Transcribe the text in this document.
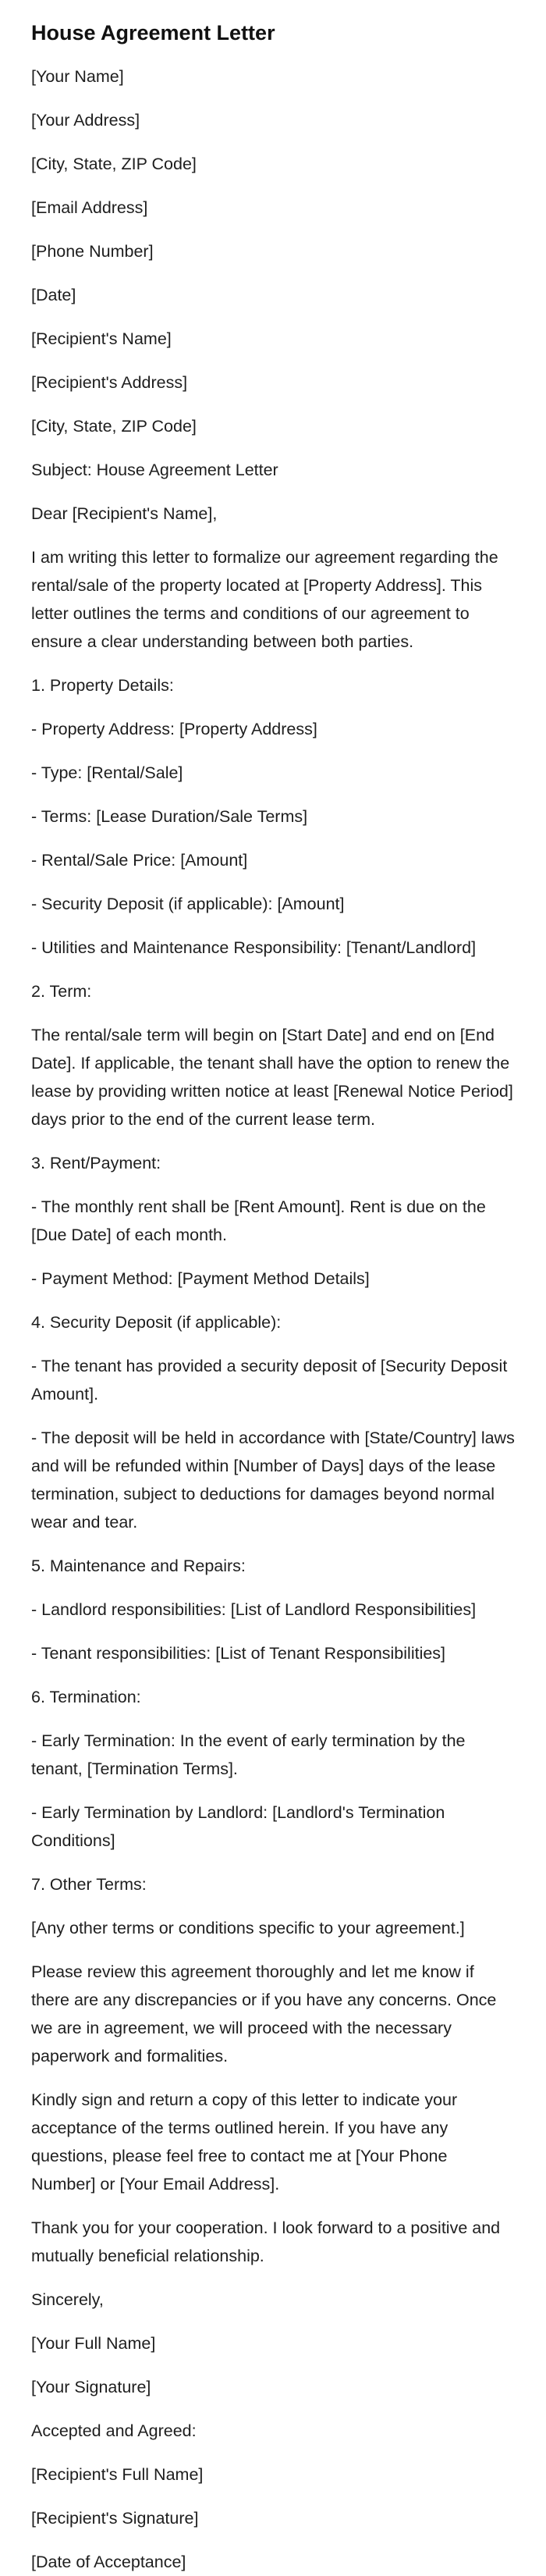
House Agreement Letter

[Your Name]

[Your Address]

[City, State, ZIP Code]

[Email Address]

[Phone Number]

[Date]

[Recipient's Name]

[Recipient's Address]

[City, State, ZIP Code]

Subject: House Agreement Letter

Dear [Recipient's Name],

I am writing this letter to formalize our agreement regarding the rental/sale of the property located at [Property Address]. This letter outlines the terms and conditions of our agreement to ensure a clear understanding between both parties.

1. Property Details:

- Property Address: [Property Address]

- Type: [Rental/Sale]

- Terms: [Lease Duration/Sale Terms]

- Rental/Sale Price: [Amount]

- Security Deposit (if applicable): [Amount]

- Utilities and Maintenance Responsibility: [Tenant/Landlord]

2. Term:

The rental/sale term will begin on [Start Date] and end on [End Date]. If applicable, the tenant shall have the option to renew the lease by providing written notice at least [Renewal Notice Period] days prior to the end of the current lease term.

3. Rent/Payment:

- The monthly rent shall be [Rent Amount]. Rent is due on the [Due Date] of each month.

- Payment Method: [Payment Method Details]

4. Security Deposit (if applicable):

- The tenant has provided a security deposit of [Security Deposit Amount].

- The deposit will be held in accordance with [State/Country] laws and will be refunded within [Number of Days] days of the lease termination, subject to deductions for damages beyond normal wear and tear.

5. Maintenance and Repairs:

- Landlord responsibilities: [List of Landlord Responsibilities]

- Tenant responsibilities: [List of Tenant Responsibilities]

6. Termination:

- Early Termination: In the event of early termination by the tenant, [Termination Terms].

- Early Termination by Landlord: [Landlord's Termination Conditions]

7. Other Terms:

[Any other terms or conditions specific to your agreement.]

Please review this agreement thoroughly and let me know if there are any discrepancies or if you have any concerns. Once we are in agreement, we will proceed with the necessary paperwork and formalities.

Kindly sign and return a copy of this letter to indicate your acceptance of the terms outlined herein. If you have any questions, please feel free to contact me at [Your Phone Number] or [Your Email Address].

Thank you for your cooperation. I look forward to a positive and mutually beneficial relationship.

Sincerely,

[Your Full Name]

[Your Signature]

Accepted and Agreed:

[Recipient's Full Name]

[Recipient's Signature]

[Date of Acceptance]
